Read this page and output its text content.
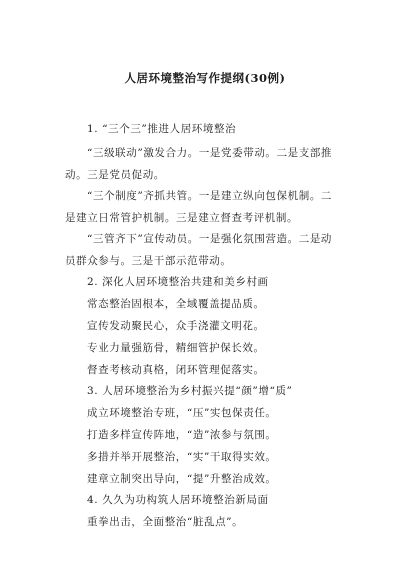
人居环境整治写作提纲(30例)
1. “三个三”推进人居环境整治
“三级联动”激发合力。一是党委带动。二是支部推
动。三是党员促动。
“三个制度”齐抓共管。一是建立纵向包保机制。二
是建立日常管护机制。三是建立督查考评机制。
“三管齐下”宣传动员。一是强化氛围营造。二是动
员群众参与。三是干部示范带动。
2. 深化人居环境整治共建和美乡村画
常态整治固根本，全域覆盖提品质。
宣传发动聚民心，众手浇灌文明花。
专业力量强筋骨，精细管护保长效。
督查考核动真格，闭环管理促落实。
3. 人居环境整治为乡村振兴提“颜”增“质”
成立环境整治专班，“压”实包保责任。
打造多样宣传阵地，“造”浓参与氛围。
多措并举开展整治，“实”干取得实效。
建章立制突出导向，“提”升整治成效。
4. 久久为功构筑人居环境整治新局面
重拳出击，全面整治“脏乱点”。
